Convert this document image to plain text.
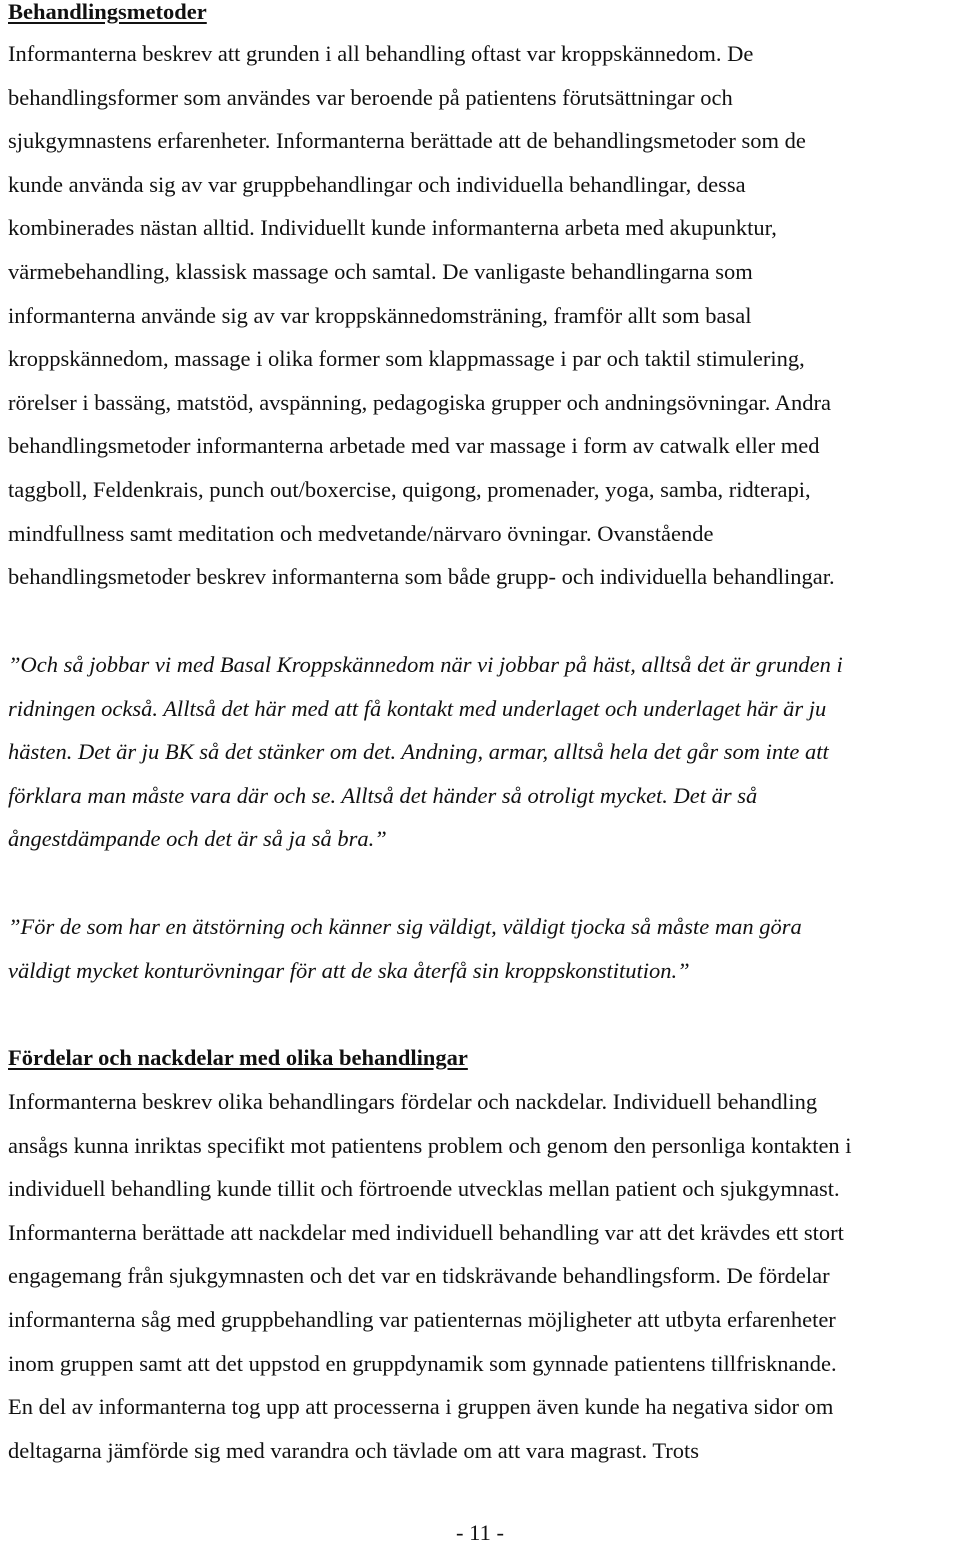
Behandlingsmetoder

Informanterna beskrev att grunden i all behandling oftast var kroppskännedom. De
behandlingsformer som användes var beroende på patientens förutsättningar och
sjukgymnastens erfarenheter. Informanterna berättade att de behandlingsmetoder som de
kunde använda sig av var gruppbehandlingar och individuella behandlingar, dessa
kombinerades nästan alltid. Individuellt kunde informanterna arbeta med akupunktur,
värmebehandling, klassisk massage och samtal. De vanligaste behandlingarna som
informanterna använde sig av var kroppskännedomsträning, framför allt som basal
kroppskännedom, massage i olika former som klappmassage i par och taktil stimulering,
rörelser i bassäng, matstöd, avspänning, pedagogiska grupper och andningsövningar. Andra
behandlingsmetoder informanterna arbetade med var massage i form av catwalk eller med
taggboll, Feldenkrais, punch out/boxercise, quigong, promenader, yoga, samba, ridterapi,
mindfullness samt meditation och medvetande/närvaro övningar. Ovanstående
behandlingsmetoder beskrev informanterna som både grupp- och individuella behandlingar.

”Och så jobbar vi med Basal Kroppskännedom när vi jobbar på häst, alltså det är grunden i
ridningen också. Alltså det här med att få kontakt med underlaget och underlaget här är ju
hästen. Det är ju BK så det stänker om det. Andning, armar, alltså hela det går som inte att
förklara man måste vara där och se. Alltså det händer så otroligt mycket. Det är så
ångestdämpande och det är så ja så bra.”

”För de som har en ätstörning och känner sig väldigt, väldigt tjocka så måste man göra
väldigt mycket konturövningar för att de ska återfå sin kroppskonstitution.”

Fördelar och nackdelar med olika behandlingar

Informanterna beskrev olika behandlingars fördelar och nackdelar. Individuell behandling
ansågs kunna inriktas specifikt mot patientens problem och genom den personliga kontakten i
individuell behandling kunde tillit och förtroende utvecklas mellan patient och sjukgymnast.
Informanterna berättade att nackdelar med individuell behandling var att det krävdes ett stort
engagemang från sjukgymnasten och det var en tidskrävande behandlingsform. De fördelar
informanterna såg med gruppbehandling var patienternas möjligheter att utbyta erfarenheter
inom gruppen samt att det uppstod en gruppdynamik som gynnade patientens tillfrisknande.
En del av informanterna tog upp att processerna i gruppen även kunde ha negativa sidor om
deltagarna jämförde sig med varandra och tävlade om att vara magrast. Trots

- 11 -
